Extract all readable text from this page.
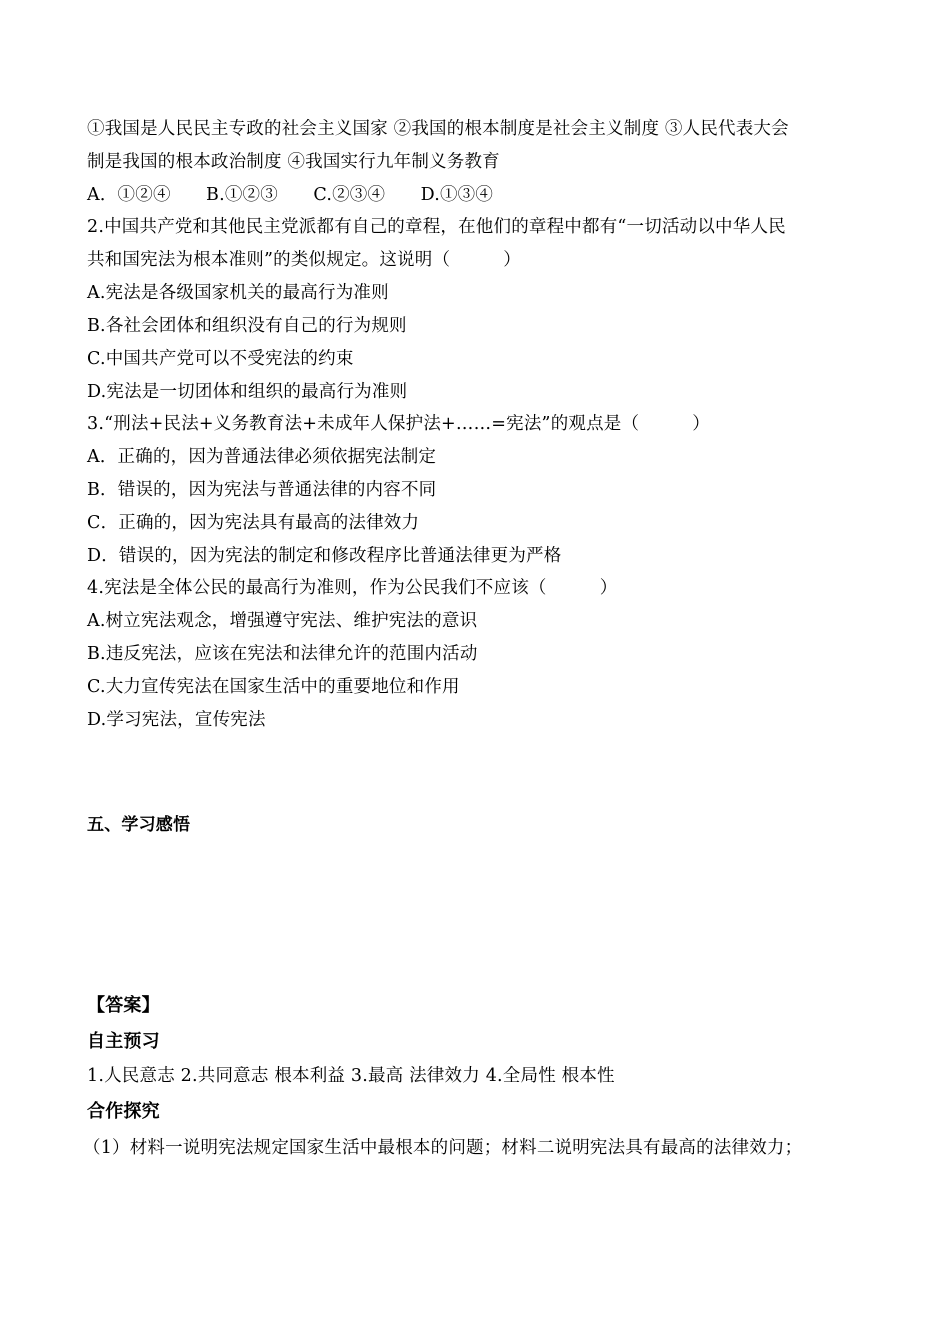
①我国是人民民主专政的社会主义国家 ②我国的根本制度是社会主义制度 ③人民代表大会
制是我国的根本政治制度 ④我国实行九年制义务教育
A．①②④　　B.①②③　　C.②③④　　D.①③④
2.中国共产党和其他民主党派都有自己的章程，在他们的章程中都有“一切活动以中华人民
共和国宪法为根本准则”的类似规定。这说明（　　　）
A.宪法是各级国家机关的最高行为准则
B.各社会团体和组织没有自己的行为规则
C.中国共产党可以不受宪法的约束
D.宪法是一切团体和组织的最高行为准则
3.“刑法+民法+义务教育法+未成年人保护法+……=宪法”的观点是（　　　）
A．正确的，因为普通法律必须依据宪法制定
B．错误的，因为宪法与普通法律的内容不同
C．正确的，因为宪法具有最高的法律效力
D．错误的，因为宪法的制定和修改程序比普通法律更为严格
4.宪法是全体公民的最高行为准则，作为公民我们不应该（　　　）
A.树立宪法观念，增强遵守宪法、维护宪法的意识
B.违反宪法，应该在宪法和法律允许的范围内活动
C.大力宣传宪法在国家生活中的重要地位和作用
D.学习宪法，宣传宪法
五、学习感悟
【答案】
自主预习
1.人民意志 2.共同意志 根本利益 3.最高 法律效力 4.全局性 根本性
合作探究
（1）材料一说明宪法规定国家生活中最根本的问题；材料二说明宪法具有最高的法律效力；
